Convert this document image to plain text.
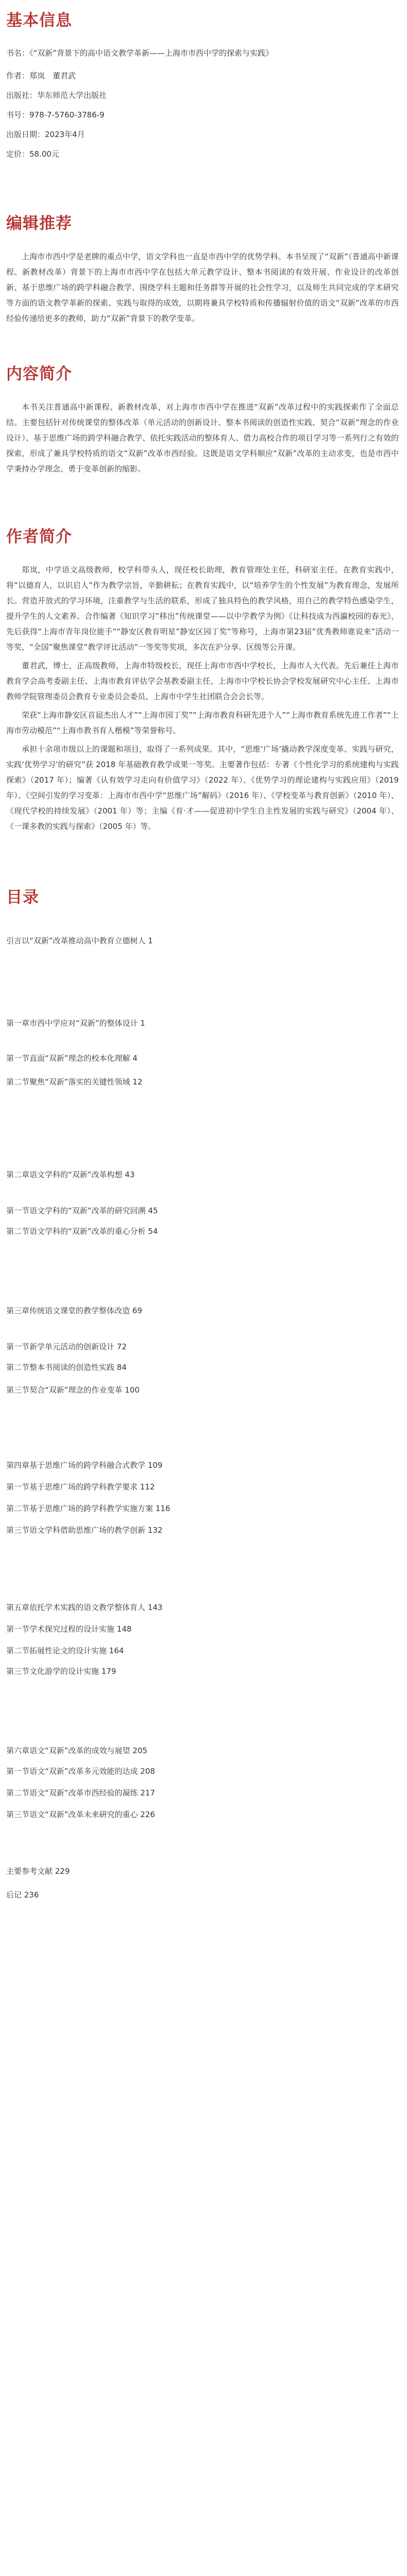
基本信息

书名：《“双新”背景下的高中语文教学革新——上海市市西中学的探索与实践》

作者：郑岚　董君武

出版社：华东师范大学出版社

书号：978-7-5760-3786-9

出版日期：2023年4月

定价：58.00元

编辑推荐

上海市市西中学是老牌的重点中学，语文学科也一直是市西中学的优势学科。本书呈现了“双新”（普通高中新课程、新教材改革）背景下的上海市市西中学在包括大单元教学设计、整本书阅读的有效开展、作业设计的改革创新、基于思维广场的跨学科融合教学、围绕学科主题和任务群等开展的社会性学习，以及师生共同完成的学术研究等方面的语文教学革新的探索、实践与取得的成效，以期将兼具学校特质和传播辐射价值的语文“双新”改革的市西经验传递给更多的教师，助力“双新”背景下的教学变革。

内容简介

本书关注普通高中新课程、新教材改革，对上海市市西中学在推进“双新”改革过程中的实践探索作了全面总结。主要包括针对传统课堂的整体改革（单元活动的创新设计、整本书阅读的创造性实践、契合“双新”理念的作业设计）、基于思维广场的跨学科融合教学、依托实践活动的整体育人、借力高校合作的项目学习等一系列行之有效的探索，形成了兼具学校特质的语文“双新”改革市西经验。这既是语文学科顺应“双新”改革的主动求变，也是市西中学秉持办学理念、勇于变革创新的缩影。

作者简介

郑岚，中学语文高级教师，校学科带头人，现任校长助理，教育管理处主任，科研室主任。在教育实践中，将“以德育人，以识启人”作为教学宗旨，辛勤耕耘；在教育实践中，以“培养学生的个性发展”为教育理念，发展所长。营造开放式的学习环境，注重教学与生活的联系，形成了独具特色的教学风格，用自己的教学特色感染学生，提升学生的人文素养。合作编著《知识学习”移出”传统课堂——以中学教学为例》《让科技成为西瀛校园的春光》，先后获得“上海市青年岗位能手”“静安区教育明星”静安区园丁奖”等称号，上海市第23届”优秀教师谁说来”活动一等奖，“全国”聚焦课堂”教学评比活动”一等奖等奖项，多次在沪分享。区级等公开课。

董君武，博士，正高级教师，上海市特级校长，现任上海市市西中学校长，上海市人大代表。先后兼任上海市教育学会高考委副主任、上海市教育评估学会基教委副主任、上海市中学校长协会学校发展研究中心主任、上海市教师学院管理委员会教育专业委员会委员、上海市中学生社团联合会会长等。

荣获“上海市静安区首届杰出人才”“上海市园丁奖”“上海市教育科研先进个人”“上海市教育系统先进工作者”“上海市劳动模范”“上海市教书育人楷模”等荣誉称号。

承担十余项市级以上的课题和项目，取得了一系列成果。其中，“思维‘广场’撬动教学深度变革、实践与研究，实践‘优势学习’的研究”获 2018 年基础教育教学成果一等奖。主要著作包括：专著《个性化学习的系统建构与实践探索》（2017 年）；编著《认有效学习走向有价值学习》（2022 年）、《优势学习的理论建构与实践应用》（2019 年）、《空间引发的学习变革：上海市市西中学“思维广场”解码》（2016 年）、《学校变革与教育创新》（2010 年）、《现代学校的持续发展》（2001 年）等；主编《育·才——促进初中学生自主性发展的实践与研究》（2004 年）、《一课多教的实践与探索》（2005 年）等。

目录
引言以“双新”改革推动高中教育立德树人 1
第一章市西中学应对“双新”的整体设计 1
第一节直面“双新”理念的校本化理解 4
第二节聚焦“双新”落实的关键性领域 12
第二章语文学科的“双新”改革构想 43
第一节语文学科的“双新”改革的研究回溯 45
第二节语文学科的“双新”改革的重心分析 54
第三章传统语文课堂的教学整体改造 69
第一节新学单元活动的创新设计 72
第二节整本书阅读的创造性实践 84
第三节契合“双新”理念的作业变革 100
第四章基于思维广场的跨学科融合式教学 109
第一节基于思维广场的跨学科教学要求 112
第二节基于思维广场的跨学科教学实施方案 116
第三节语文学科借助思维广场的教学创新 132
第五章依托学术实践的语文教学整体育人 143
第一节学术探究过程的设计实施 148
第二节拓展性论文的设计实施 164
第三节文化游学的设计实施 179
第六章语文“双新”改革的成效与展望 205
第一节语文“双新”改革多元效能的达成 208
第二节语文“双新”改革市西经验的凝练 217
第三节语文“双新”改革未来研究的重心 226
主要参考文献 229
后记 236
